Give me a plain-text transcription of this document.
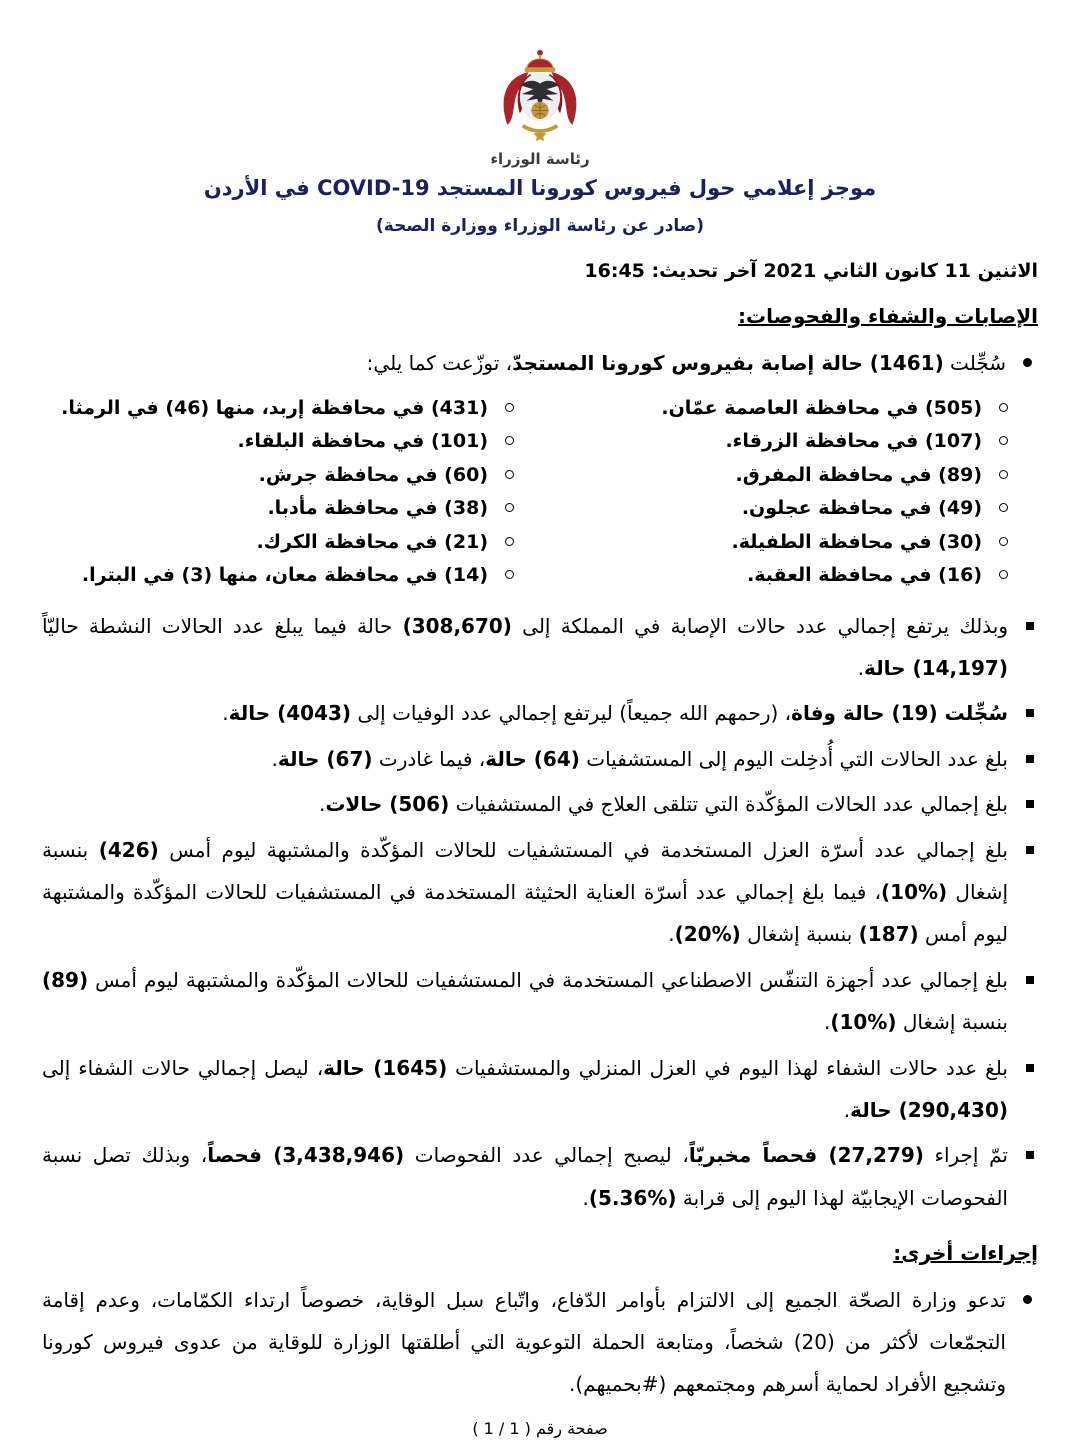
رئاسة الوزراء
موجز إعلامي حول فيروس كورونا المستجد COVID-19 في الأردن
(صادر عن رئاسة الوزراء ووزارة الصحة)
الاثنين 11 كانون الثاني 2021 آخر تحديث: 16:45
الإصابات والشفاء والفحوصات:
سُجِّلت (1461) حالة إصابة بفيروس كورونا المستجدّ، توزّعت كما يلي:
(505) في محافظة العاصمة عمّان.
(431) في محافظة إربد، منها (46) في الرمثا.
(107) في محافظة الزرقاء.
(101) في محافظة البلقاء.
(89) في محافظة المفرق.
(60) في محافظة جرش.
(49) في محافظة عجلون.
(38) في محافظة مأدبا.
(30) في محافظة الطفيلة.
(21) في محافظة الكرك.
(16) في محافظة العقبة.
(14) في محافظة معان، منها (3) في البترا.
وبذلك يرتفع إجمالي عدد حالات الإصابة في المملكة إلى (308,670) حالة فيما يبلغ عدد الحالات النشطة حاليّاً (14,197) حالة.
سُجِّلت (19) حالة وفاة، (رحمهم الله جميعاً) ليرتفع إجمالي عدد الوفيات إلى (4043) حالة.
بلغ عدد الحالات التي أُدخِلت اليوم إلى المستشفيات (64) حالة، فيما غادرت (67) حالة.
بلغ إجمالي عدد الحالات المؤكّدة التي تتلقى العلاج في المستشفيات (506) حالات.
بلغ إجمالي عدد أسرّة العزل المستخدمة في المستشفيات للحالات المؤكّدة والمشتبهة ليوم أمس (426) بنسبة إشغال (%10)، فيما بلغ إجمالي عدد أسرّة العناية الحثيثة المستخدمة في المستشفيات للحالات المؤكّدة والمشتبهة ليوم أمس (187) بنسبة إشغال (%20).
بلغ إجمالي عدد أجهزة التنفّس الاصطناعي المستخدمة في المستشفيات للحالات المؤكّدة والمشتبهة ليوم أمس (89) بنسبة إشغال (%10).
بلغ عدد حالات الشفاء لهذا اليوم في العزل المنزلي والمستشفيات (1645) حالة، ليصل إجمالي حالات الشفاء إلى (290,430) حالة.
تمّ إجراء (27,279) فحصاً مخبريّاً، ليصبح إجمالي عدد الفحوصات (3,438,946) فحصاً، وبذلك تصل نسبة الفحوصات الإيجابيّة لهذا اليوم إلى قرابة (%5.36).
إجراءات أخرى:
تدعو وزارة الصحّة الجميع إلى الالتزام بأوامر الدّفاع، واتّباع سبل الوقاية، خصوصاً ارتداء الكمّامات، وعدم إقامة التجمّعات لأكثر من (20) شخصاً، ومتابعة الحملة التوعوية التي أطلقتها الوزارة للوقاية من عدوى فيروس كورونا وتشجيع الأفراد لحماية أسرهم ومجتمعهم (#بحميهم).
صفحة رقم ( 1 / 1 )
